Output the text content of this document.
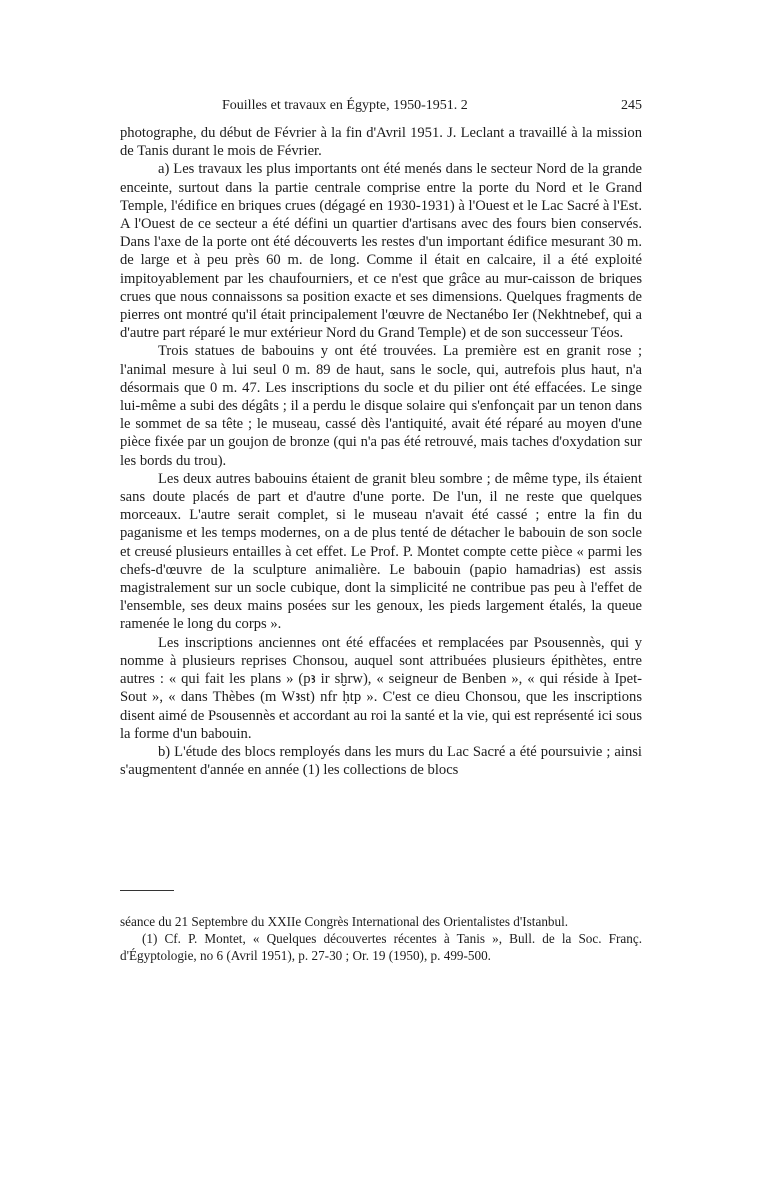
Fouilles et travaux en Égypte, 1950-1951. 2	245

photographe, du début de Février à la fin d'Avril 1951. J. Leclant a travaillé à la mission de Tanis durant le mois de Février.

a) Les travaux les plus importants ont été menés dans le secteur Nord de la grande enceinte, surtout dans la partie centrale comprise entre la porte du Nord et le Grand Temple, l'édifice en briques crues (dégagé en 1930-1931) à l'Ouest et le Lac Sacré à l'Est. A l'Ouest de ce secteur a été défini un quartier d'artisans avec des fours bien conservés. Dans l'axe de la porte ont été découverts les restes d'un important édifice mesurant 30 m. de large et à peu près 60 m. de long. Comme il était en calcaire, il a été exploité impitoyablement par les chaufourniers, et ce n'est que grâce au mur-caisson de briques crues que nous connaissons sa position exacte et ses dimensions. Quelques fragments de pierres ont montré qu'il était principalement l'œuvre de Nectanébo Ier (Nekhtnebef, qui a d'autre part réparé le mur extérieur Nord du Grand Temple) et de son successeur Téos.

Trois statues de babouins y ont été trouvées. La première est en granit rose ; l'animal mesure à lui seul 0 m. 89 de haut, sans le socle, qui, autrefois plus haut, n'a désormais que 0 m. 47. Les inscriptions du socle et du pilier ont été effacées. Le singe lui-même a subi des dégâts ; il a perdu le disque solaire qui s'enfonçait par un tenon dans le sommet de sa tête ; le museau, cassé dès l'antiquité, avait été réparé au moyen d'une pièce fixée par un goujon de bronze (qui n'a pas été retrouvé, mais taches d'oxydation sur les bords du trou).

Les deux autres babouins étaient de granit bleu sombre ; de même type, ils étaient sans doute placés de part et d'autre d'une porte. De l'un, il ne reste que quelques morceaux. L'autre serait complet, si le museau n'avait été cassé ; entre la fin du paganisme et les temps modernes, on a de plus tenté de détacher le babouin de son socle et creusé plusieurs entailles à cet effet. Le Prof. P. Montet compte cette pièce « parmi les chefs-d'œuvre de la sculpture animalière. Le babouin (papio hamadrias) est assis magistralement sur un socle cubique, dont la simplicité ne contribue pas peu à l'effet de l'ensemble, ses deux mains posées sur les genoux, les pieds largement étalés, la queue ramenée le long du corps ».

Les inscriptions anciennes ont été effacées et remplacées par Psousennès, qui y nomme à plusieurs reprises Chonsou, auquel sont attribuées plusieurs épithètes, entre autres : « qui fait les plans » (pꜣ ir sḫrw), « seigneur de Benben », « qui réside à Ipet-Sout », « dans Thèbes (m Wꜣst) nfr ḥtp ». C'est ce dieu Chonsou, que les inscriptions disent aimé de Psousennès et accordant au roi la santé et la vie, qui est représenté ici sous la forme d'un babouin.

b) L'étude des blocs remployés dans les murs du Lac Sacré a été poursuivie ; ainsi s'augmentent d'année en année (1) les collections de blocs

séance du 21 Septembre du XXIIe Congrès International des Orientalistes d'Istanbul.

(1) Cf. P. Montet, « Quelques découvertes récentes à Tanis », Bull. de la Soc. Franç. d'Égyptologie, no 6 (Avril 1951), p. 27-30 ; Or. 19 (1950), p. 499-500.
